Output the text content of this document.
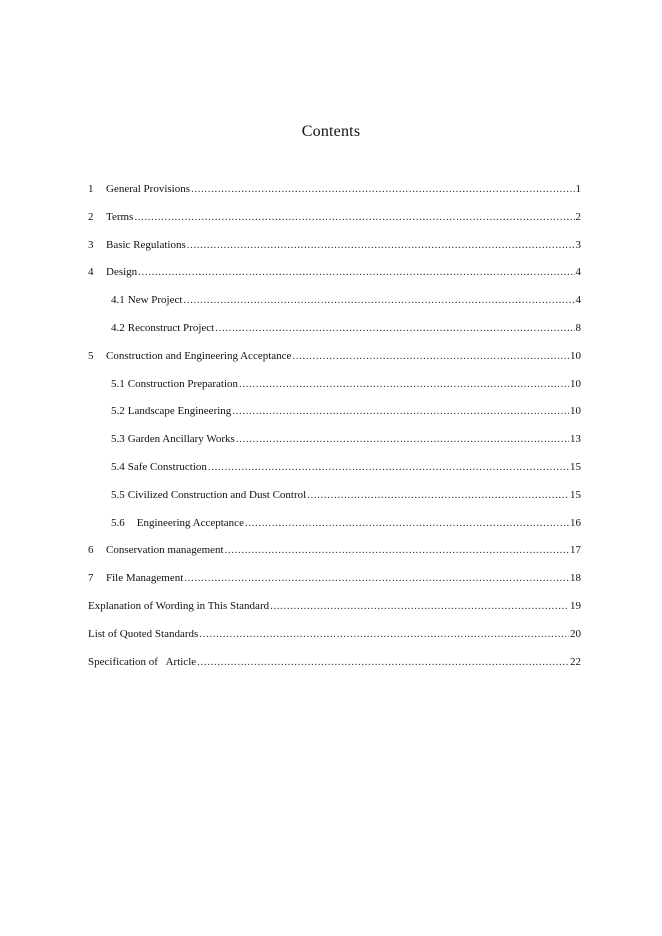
Contents
1	General Provisions .....	1
2	Terms .....	2
3	Basic Regulations .....	3
4	Design .....	4
4.1 New Project .....	4
4.2 Reconstruct Project .....	8
5	Construction and Engineering Acceptance .....	10
5.1 Construction Preparation .....	10
5.2 Landscape Engineering .....	10
5.3 Garden Ancillary Works .....	13
5.4 Safe Construction .....	15
5.5 Civilized Construction and Dust Control .....	15
5.6 Engineering Acceptance .....	16
6	Conservation management .....	17
7	File Management .....	18
Explanation of Wording in This Standard .....	19
List of Quoted Standards .....	20
Specification of   Article .....	22
